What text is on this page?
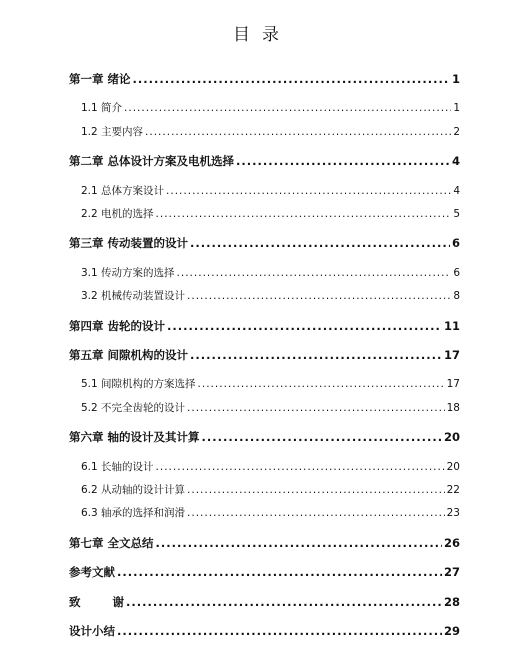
目录
第一章 绪论 .....	1
1.1 简介 .....	1
1.2 主要内容 .....	2
第二章 总体设计方案及电机选择 .....	4
2.1 总体方案设计 .....	4
2.2 电机的选择 .....	5
第三章 传动装置的设计 .....	6
3.1 传动方案的选择 .....	6
3.2 机械传动装置设计 .....	8
第四章 齿轮的设计 .....	11
第五章 间隙机构的设计 .....	17
5.1 间隙机构的方案选择 .....	17
5.2 不完全齿轮的设计 .....	18
第六章 轴的设计及其计算 .....	20
6.1 长轴的设计 .....	20
6.2 从动轴的设计计算 .....	22
6.3 轴承的选择和润滑 .....	23
第七章 全文总结 .....	26
参考文献 .....	27
致        谢 .....	28
设计小结 .....	29
